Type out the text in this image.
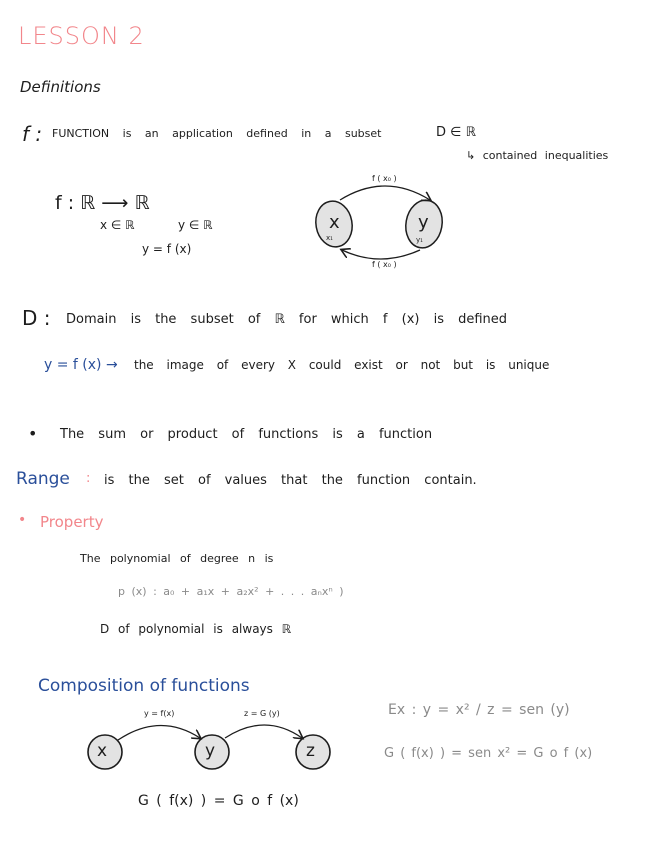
LESSON 2
Definitions
f : FUNCTION is an application defined in a subset	D ∈ ℝ
↳ contained inequalities
f : ℝ ⟶ ℝ
x ∈ ℝ	y ∈ ℝ
y = f (x)
x	y
x₁	y₁
f ( x₀ )
f ( x₀ )
D : Domain is the subset of ℝ for which f (x) is defined
y = f (x) → the image of every X could exist or not but is unique
• The sum or product of functions is a function
Range : is the set of values that the function contain.
• Property
The polynomial of degree n is
p (x) : a₀ + a₁x + a₂x² + . . . aₙxⁿ )
D of polynomial is always ℝ
Composition of functions
x	y	z
y = f(x)	z = G (y)
G ( f(x) ) = G o f (x)
Ex : y = x² / z = sen (y)
G ( f(x) ) = sen x² = G o f (x)
